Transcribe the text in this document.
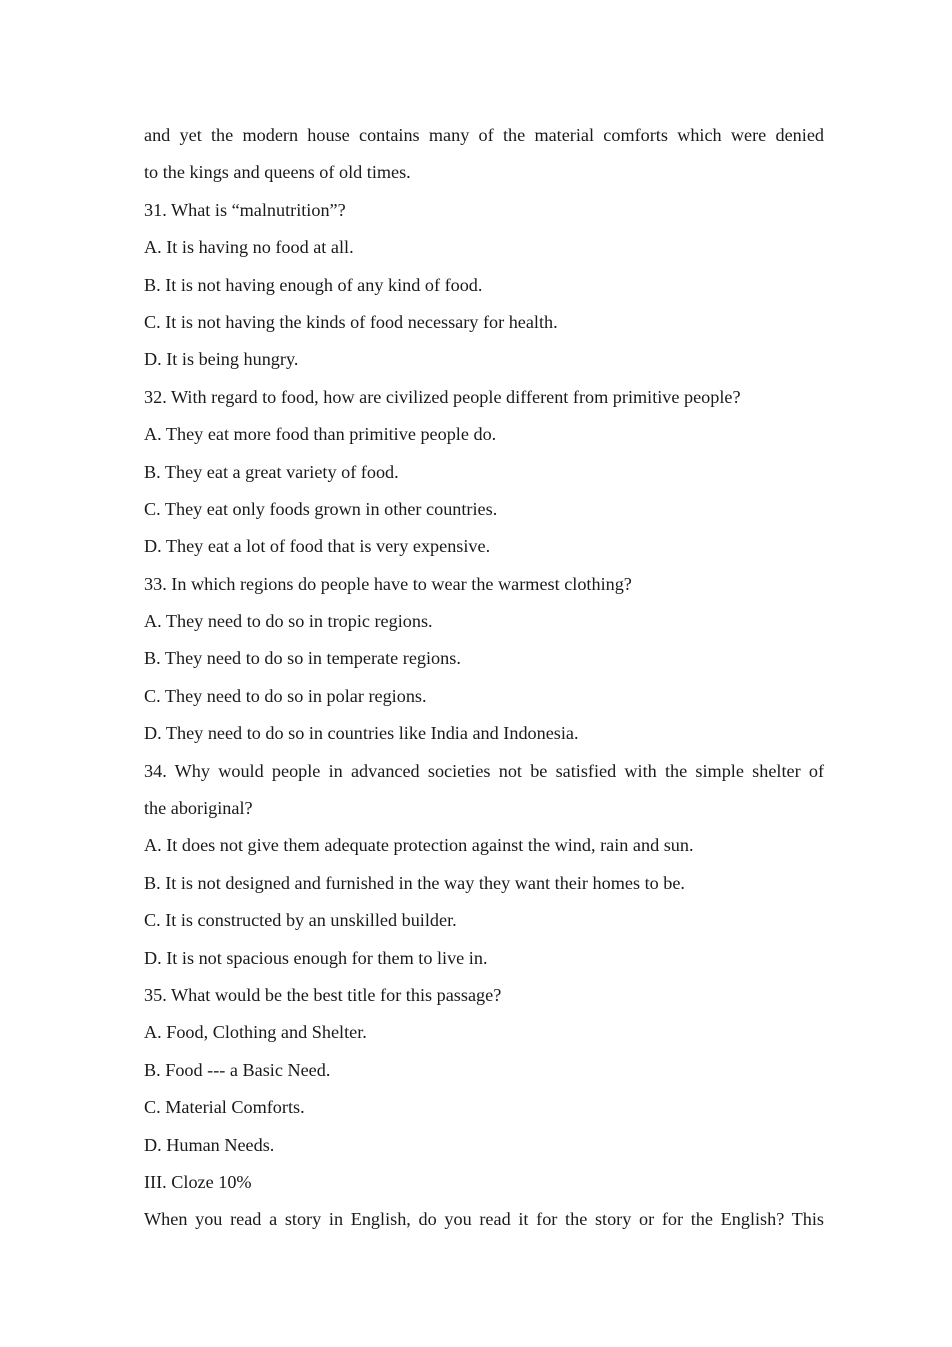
and yet the modern house contains many of the material comforts which were denied
to the kings and queens of old times.
31. What is “malnutrition”?
A. It is having no food at all.
B. It is not having enough of any kind of food.
C. It is not having the kinds of food necessary for health.
D. It is being hungry.
32. With regard to food, how are civilized people different from primitive people?
A. They eat more food than primitive people do.
B. They eat a great variety of food.
C. They eat only foods grown in other countries.
D. They eat a lot of food that is very expensive.
33. In which regions do people have to wear the warmest clothing?
A. They need to do so in tropic regions.
B. They need to do so in temperate regions.
C. They need to do so in polar regions.
D. They need to do so in countries like India and Indonesia.
34. Why would people in advanced societies not be satisfied with the simple shelter of
the aboriginal?
A. It does not give them adequate protection against the wind, rain and sun.
B. It is not designed and furnished in the way they want their homes to be.
C. It is constructed by an unskilled builder.
D. It is not spacious enough for them to live in.
35. What would be the best title for this passage?
A. Food, Clothing and Shelter.
B. Food --- a Basic Need.
C. Material Comforts.
D. Human Needs.
III. Cloze 10%
When you read a story in English, do you read it for the story or for the English? This
